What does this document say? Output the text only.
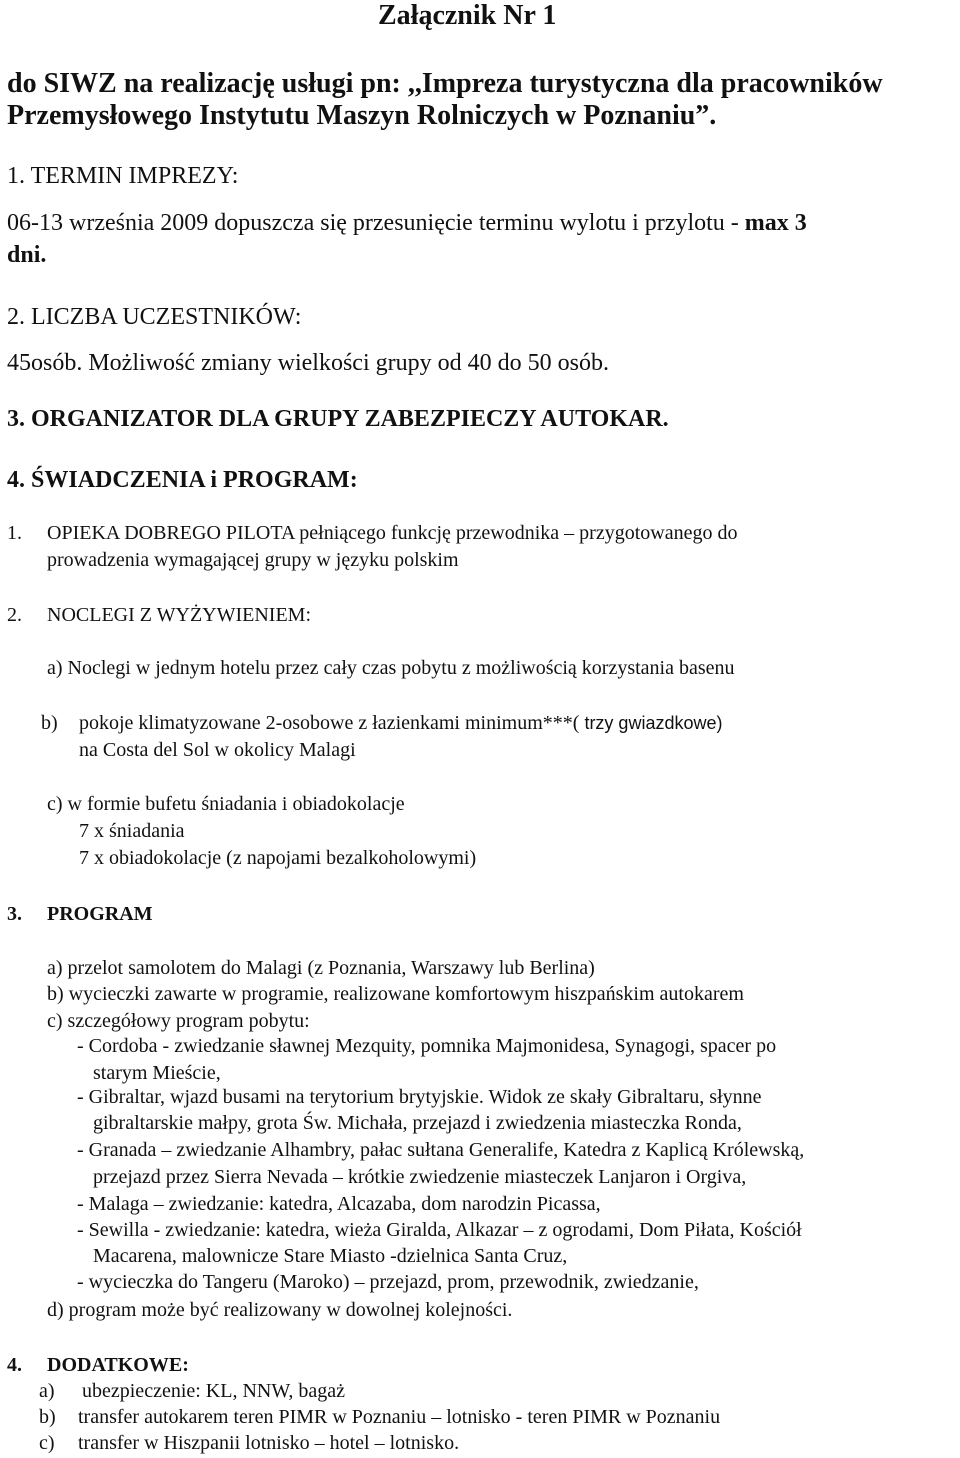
Załącznik Nr 1
do SIWZ na realizację usługi pn: ,,Impreza turystyczna dla pracowników
Przemysłowego Instytutu Maszyn Rolniczych w Poznaniu”.
1. TERMIN IMPREZY:
06-13 września 2009 dopuszcza się przesunięcie terminu wylotu i przylotu - max 3
dni.
2. LICZBA UCZESTNIKÓW:
45osób. Możliwość zmiany wielkości grupy od 40 do 50 osób.
3. ORGANIZATOR DLA GRUPY ZABEZPIECZY AUTOKAR.
4. ŚWIADCZENIA i PROGRAM:
1. OPIEKA DOBREGO PILOTA pełniącego funkcję przewodnika – przygotowanego do
prowadzenia wymagającej grupy w języku polskim
2. NOCLEGI Z WYŻYWIENIEM:
a) Noclegi w jednym hotelu przez cały czas pobytu z możliwością korzystania basenu
b) pokoje klimatyzowane 2-osobowe z łazienkami minimum***( trzy gwiazdkowe)
na Costa del Sol w okolicy Malagi
c) w formie bufetu śniadania i obiadokolacje
7 x śniadania
7 x obiadokolacje (z napojami bezalkoholowymi)
3. PROGRAM
a) przelot samolotem do Malagi (z Poznania, Warszawy lub Berlina)
b) wycieczki zawarte w programie, realizowane komfortowym hiszpańskim autokarem
c) szczegółowy program pobytu:
- Cordoba - zwiedzanie sławnej Mezquity, pomnika Majmonidesa, Synagogi, spacer po
starym Mieście,
- Gibraltar, wjazd busami na terytorium brytyjskie. Widok ze skały Gibraltaru, słynne
gibraltarskie małpy, grota Św. Michała, przejazd i zwiedzenia miasteczka Ronda,
- Granada – zwiedzanie Alhambry, pałac sułtana Generalife, Katedra z Kaplicą Królewską,
przejazd przez Sierra Nevada – krótkie zwiedzenie miasteczek Lanjaron i Orgiva,
- Malaga – zwiedzanie: katedra, Alcazaba, dom narodzin Picassa,
- Sewilla - zwiedzanie: katedra, wieża Giralda, Alkazar – z ogrodami, Dom Piłata, Kościół
Macarena, malownicze Stare Miasto -dzielnica Santa Cruz,
- wycieczka do Tangeru (Maroko) – przejazd, prom, przewodnik, zwiedzanie,
d) program może być realizowany w dowolnej kolejności.
4. DODATKOWE:
a) ubezpieczenie: KL, NNW, bagaż
b) transfer autokarem teren PIMR w Poznaniu – lotnisko - teren PIMR w Poznaniu
c) transfer w Hiszpanii lotnisko – hotel – lotnisko.
